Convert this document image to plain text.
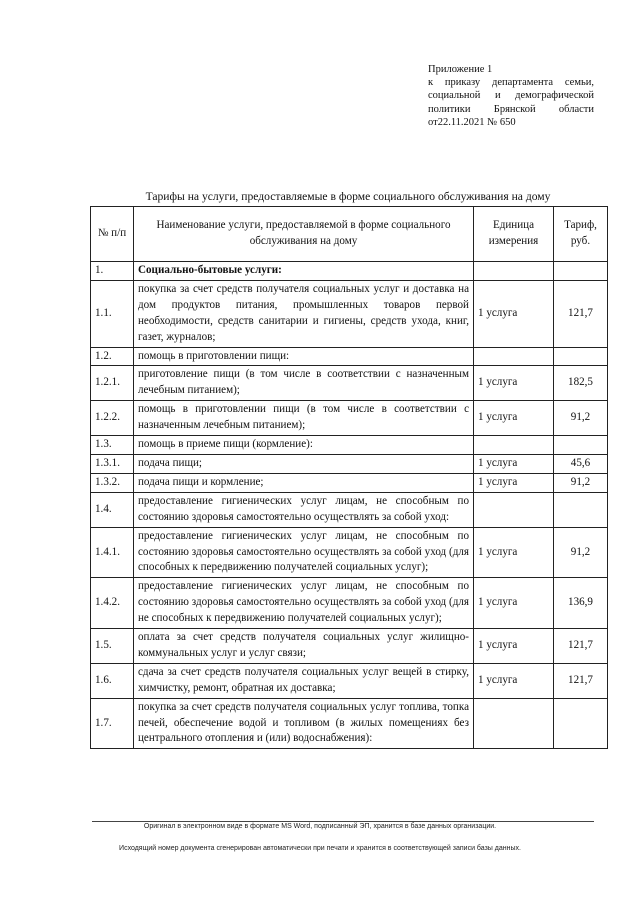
Приложение 1
к приказу департамента семьи,
социальной и демографической
политики Брянской области
от22.11.2021 № 650
Тарифы на услуги, предоставляемые в форме социального обслуживания на дому
№ п/п	Наименование услуги, предоставляемой в форме социального обслуживания на дому	Единица измерения	Тариф, руб.
1.	Социально-бытовые услуги:		
1.1.	покупка за счет средств получателя социальных услуг и доставка на дом продуктов питания, промышленных товаров первой необходимости, средств санитарии и гигиены, средств ухода, книг, газет, журналов;	1 услуга	121,7
1.2.	помощь в приготовлении пищи:		
1.2.1.	приготовление пищи (в том числе в соответствии с назначенным лечебным питанием);	1 услуга	182,5
1.2.2.	помощь в приготовлении пищи (в том числе в соответствии с назначенным лечебным питанием);	1 услуга	91,2
1.3.	помощь в приеме пищи (кормление):		
1.3.1.	подача пищи;	1 услуга	45,6
1.3.2.	подача пищи и кормление;	1 услуга	91,2
1.4.	предоставление гигиенических услуг лицам, не способным по состоянию здоровья самостоятельно осуществлять за собой уход:		
1.4.1.	предоставление гигиенических услуг лицам, не способным по состоянию здоровья самостоятельно осуществлять за собой уход (для способных к передвижению получателей социальных услуг);	1 услуга	91,2
1.4.2.	предоставление гигиенических услуг лицам, не способным по состоянию здоровья самостоятельно осуществлять за собой уход (для не способных к передвижению получателей социальных услуг);	1 услуга	136,9
1.5.	оплата за счет средств получателя социальных услуг жилищно-коммунальных услуг и услуг связи;	1 услуга	121,7
1.6.	сдача за счет средств получателя социальных услуг вещей в стирку, химчистку, ремонт, обратная их доставка;	1 услуга	121,7
1.7.	покупка за счет средств получателя социальных услуг топлива, топка печей, обеспечение водой и топливом (в жилых помещениях без центрального отопления и (или) водоснабжения):		
Оригинал в электронном виде в формате MS Word, подписанный ЭП, хранится в базе данных организации.
Исходящий номер документа сгенерирован автоматически при печати и хранится в соответствующей записи базы данных.
